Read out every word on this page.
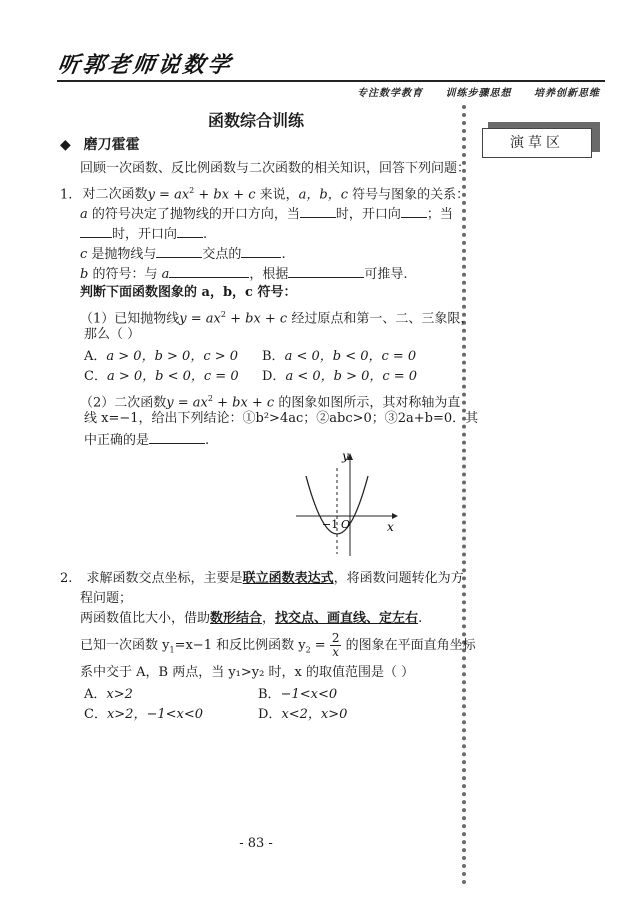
听郭老师说数学
专注数学教育 训练步骤思想 培养创新思维
演草区
函数综合训练
◆ 磨刀霍霍
回顾一次函数、反比例函数与二次函数的相关知识，回答下列问题：
1. 对二次函数$y = ax^2$ + bx + c 来说，a，b，c 符号与图象的关系：
a 的符号决定了抛物线的开口方向，当	时，开口向 ；当
时，开口向 .
c 是抛物线与	交点的	.
b 的符号：与 a	，根据	可推导.
判断下面函数图象的 a，b，c 符号：
（1）已知抛物线$y = ax^2$ + bx + c 经过原点和第一、二、三象限，
那么（ ）
A．a > 0，b > 0，c > 0 B．a < 0，b < 0，c = 0
C．a > 0，b < 0，c = 0 D．a < 0，b > 0，c = 0
（2）二次函数$y = ax^2$ + bx + c 的图象如图所示，其对称轴为直
线 x=−1，给出下列结论：①b²>4ac；②abc>0；③2a+b=0．其
中正确的是	.
y
x
−1 O
2. 求解函数交点坐标，主要是联立函数表达式，将函数问题转化为方
程问题；
两函数值比大小，借助数形结合，找交点、画直线、定左右.
已知一次函数 $y_1=x-1$ 和反比例函数 $y_2 = \frac{2}{x}$ 的图象在平面直角坐标
系中交于 A，B 两点，当 y₁>y₂ 时，x 的取值范围是（ ）
A．x>2	B．−1<x<0
C．x>2，−1<x<0	D．x<2，x>0
- 83 -
